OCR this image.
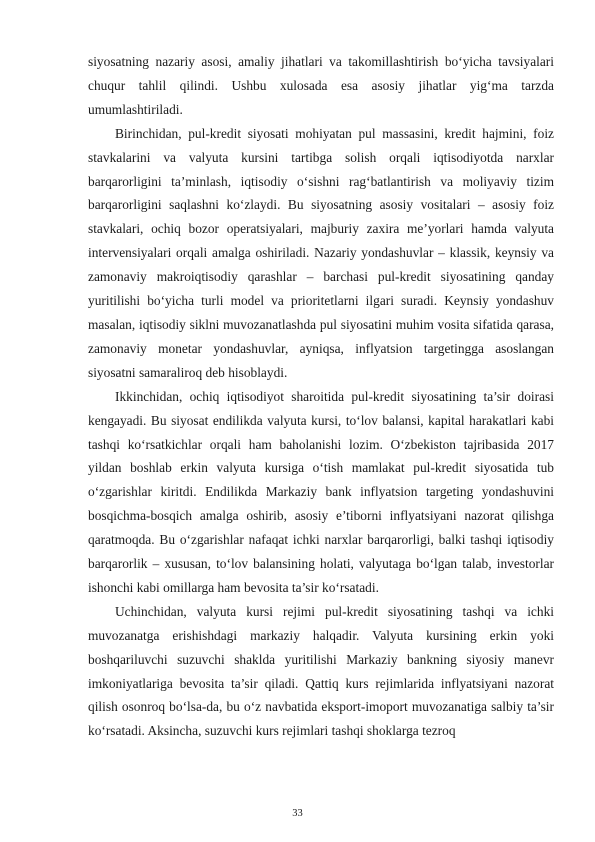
siyosatning nazariy asosi, amaliy jihatlari va takomillashtirish bo‘yicha tavsiyalari chuqur tahlil qilindi. Ushbu xulosada esa asosiy jihatlar yig‘ma tarzda umumlashtiriladi.

Birinchidan, pul-kredit siyosati mohiyatan pul massasini, kredit hajmini, foiz stavkalarini va valyuta kursini tartibga solish orqali iqtisodiyotda narxlar barqarorligini ta’minlash, iqtisodiy o‘sishni rag‘batlantirish va moliyaviy tizim barqarorligini saqlashni ko‘zlaydi. Bu siyosatning asosiy vositalari – asosiy foiz stavkalari, ochiq bozor operatsiyalari, majburiy zaxira me’yorlari hamda valyuta intervensiyalari orqali amalga oshiriladi. Nazariy yondashuvlar – klassik, keynsiy va zamonaviy makroiqtisodiy qarashlar – barchasi pul-kredit siyosatining qanday yuritilishi bo‘yicha turli model va prioritetlarni ilgari suradi. Keynsiy yondashuv masalan, iqtisodiy siklni muvozanatlashda pul siyosatini muhim vosita sifatida qarasa, zamonaviy monetar yondashuvlar, ayniqsa, inflyatsion targetingga asoslangan siyosatni samaraliroq deb hisoblaydi.

Ikkinchidan, ochiq iqtisodiyot sharoitida pul-kredit siyosatining ta’sir doirasi kengayadi. Bu siyosat endilikda valyuta kursi, to‘lov balansi, kapital harakatlari kabi tashqi ko‘rsatkichlar orqali ham baholanishi lozim. O‘zbekiston tajribasida 2017 yildan boshlab erkin valyuta kursiga o‘tish mamlakat pul-kredit siyosatida tub o‘zgarishlar kiritdi. Endilikda Markaziy bank inflyatsion targeting yondashuvini bosqichma-bosqich amalga oshirib, asosiy e’tiborni inflyatsiyani nazorat qilishga qaratmoqda. Bu o‘zgarishlar nafaqat ichki narxlar barqarorligi, balki tashqi iqtisodiy barqarorlik – xususan, to‘lov balansining holati, valyutaga bo‘lgan talab, investorlar ishonchi kabi omillarga ham bevosita ta’sir ko‘rsatadi.

Uchinchidan, valyuta kursi rejimi pul-kredit siyosatining tashqi va ichki muvozanatga erishishdagi markaziy halqadir. Valyuta kursining erkin yoki boshqariluvchi suzuvchi shaklda yuritilishi Markaziy bankning siyosiy manevr imkoniyatlariga bevosita ta’sir qiladi. Qattiq kurs rejimlarida inflyatsiyani nazorat qilish osonroq bo‘lsa-da, bu o‘z navbatida eksport-imoport muvozanatiga salbiy ta’sir ko‘rsatadi. Aksincha, suzuvchi kurs rejimlari tashqi shoklarga tezroq

33
